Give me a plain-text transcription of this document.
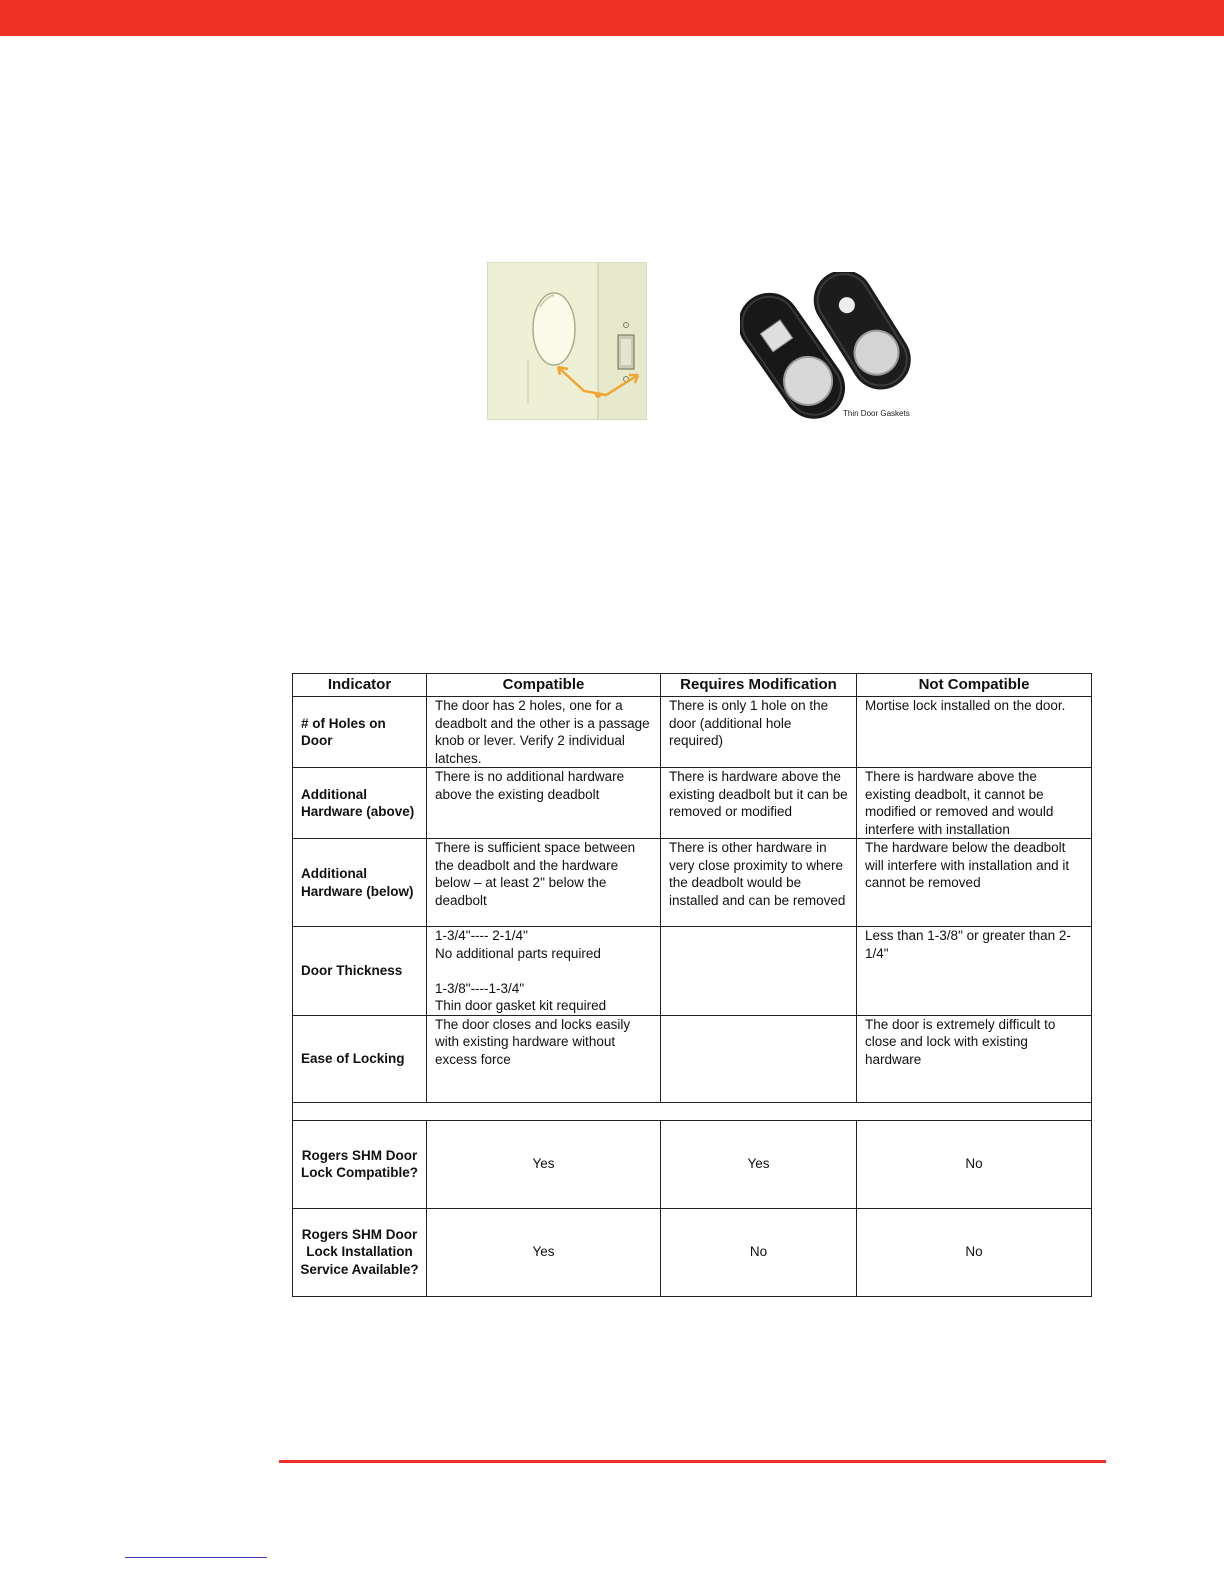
Thin Door Gaskets
Indicator	Compatible	Requires Modification	Not Compatible
# of Holes on Door	The door has 2 holes, one for a deadbolt and the other is a passage knob or lever. Verify 2 individual latches.	There is only 1 hole on the door (additional hole required)	Mortise lock installed on the door.
Additional Hardware (above)	There is no additional hardware above the existing deadbolt	There is hardware above the existing deadbolt but it can be removed or modified	There is hardware above the existing deadbolt, it cannot be modified or removed and would interfere with installation
Additional Hardware (below)	There is sufficient space between the deadbolt and the hardware below – at least 2" below the deadbolt	There is other hardware in very close proximity to where the deadbolt would be installed and can be removed	The hardware below the deadbolt will interfere with installation and it cannot be removed
Door Thickness	1-3/4"---- 2-1/4"
No additional parts required

1-3/8"----1-3/4"
Thin door gasket kit required		Less than 1-3/8" or greater than 2-1/4"
Ease of Locking	The door closes and locks easily with existing hardware without excess force		The door is extremely difficult to close and lock with existing hardware

Rogers SHM Door Lock Compatible?	Yes	Yes	No
Rogers SHM Door Lock Installation Service Available?	Yes	No	No
